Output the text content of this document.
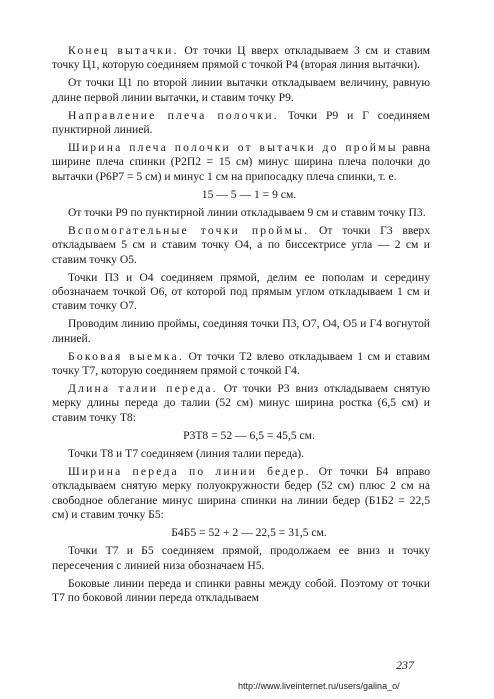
Конец вытачки. От точки Ц вверх откладываем 3 см и ставим точку Ц1, которую соединяем прямой с точкой Р4 (вторая линия вытачки).

От точки Ц1 по второй линии вытачки откладываем величину, равную длине первой линии вытачки, и ставим точку Р9.

Направление плеча полочки. Точки Р9 и Г соединяем пунктирной линией.

Ширина плеча полочки от вытачки до проймы равна ширине плеча спинки (Р2П2 = 15 см) минус ширина плеча полочки до вытачки (Р6Р7 = 5 см) и минус 1 см на припосадку плеча спинки, т. е.

15 — 5 — 1 = 9 см.

От точки Р9 по пунктирной линии откладываем 9 см и ставим точку П3.

Вспомогательные точки проймы. От точки Г3 вверх откладываем 5 см и ставим точку О4, а по биссектрисе угла — 2 см и ставим точку О5.

Точки П3 и О4 соединяем прямой, делим ее пополам и середину обозначаем точкой О6, от которой под прямым углом откладываем 1 см и ставим точку О7.

Проводим линию проймы, соединяя точки П3, О7, О4, О5 и Г4 вогнутой линией.

Боковая выемка. От точки Т2 влево откладываем 1 см и ставим точку Т7, которую соединяем прямой с точкой Г4.

Длина талии переда. От точки Р3 вниз откладываем снятую мерку длины переда до талии (52 см) минус ширина ростка (6,5 см) и ставим точку Т8:

Р3Т8 = 52 — 6,5 = 45,5 см.

Точки Т8 и Т7 соединяем (линия талии переда).

Ширина переда по линии бедер. От точки Б4 вправо откладываем снятую мерку полуокружности бедер (52 см) плюс 2 см на свободное облегание минус ширина спинки на линии бедер (Б1Б2 = 22,5 см) и ставим точку Б5:

Б4Б5 = 52 + 2 — 22,5 = 31,5 см.

Точки Т7 и Б5 соединяем прямой, продолжаем ее вниз и точку пересечения с линией низа обозначаем Н5.

Боковые линии переда и спинки равны между собой. Поэтому от точки Т7 по боковой линии переда откладываем

237
http://www.liveinternet.ru/users/galina_o/
